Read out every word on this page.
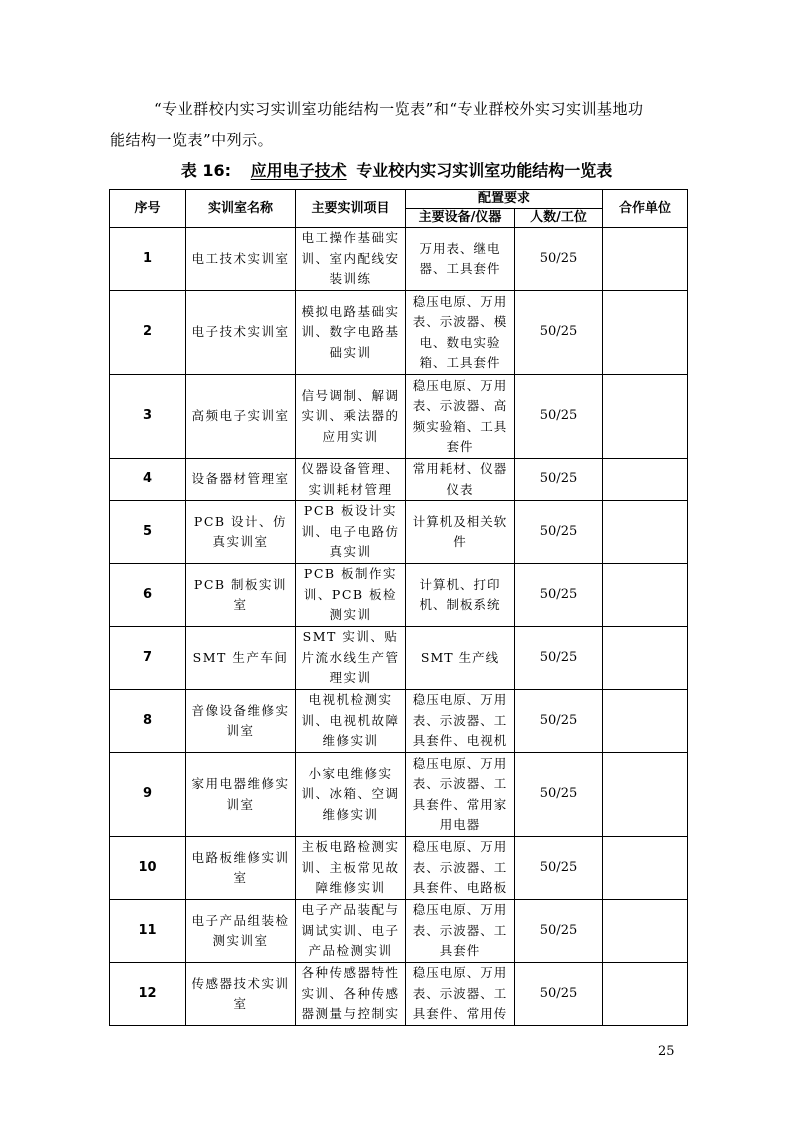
“专业群校内实习实训室功能结构一览表”和“专业群校外实习实训基地功
能结构一览表”中列示。

表 16: 应用电子技术 专业校内实习实训室功能结构一览表
序号	实训室名称	主要实训项目	配置要求		合作单位
			主要设备/仪器	人数/工位	
1	电工技术实训室	电工操作基础实训、室内配线安装训练	万用表、继电器、工具套件	50/25	
2	电子技术实训室	模拟电路基础实训、数字电路基础实训	稳压电原、万用表、示波器、模电、数电实验箱、工具套件	50/25	
3	高频电子实训室	信号调制、解调实训、乘法器的应用实训	稳压电原、万用表、示波器、高频实验箱、工具套件	50/25	
4	设备器材管理室	仪器设备管理、实训耗材管理	常用耗材、仪器仪表	50/25	
5	PCB 设计、仿真实训室	PCB 板设计实训、电子电路仿真实训	计算机及相关软件	50/25	
6	PCB 制板实训室	PCB 板制作实训、PCB 板检测实训	计算机、打印机、制板系统	50/25	
7	SMT 生产车间	SMT 实训、贴片流水线生产管理实训	SMT 生产线	50/25	
8	音像设备维修实训室	电视机检测实训、电视机故障维修实训	稳压电原、万用表、示波器、工具套件、电视机	50/25	
9	家用电器维修实训室	小家电维修实训、冰箱、空调维修实训	稳压电原、万用表、示波器、工具套件、常用家用电器	50/25	
10	电路板维修实训室	主板电路检测实训、主板常见故障维修实训	稳压电原、万用表、示波器、工具套件、电路板	50/25	
11	电子产品组装检测实训室	电子产品装配与调试实训、电子产品检测实训	稳压电原、万用表、示波器、工具套件	50/25	
12	传感器技术实训室	各种传感器特性实训、各种传感器测量与控制实	稳压电原、万用表、示波器、工具套件、常用传	50/25	
25
